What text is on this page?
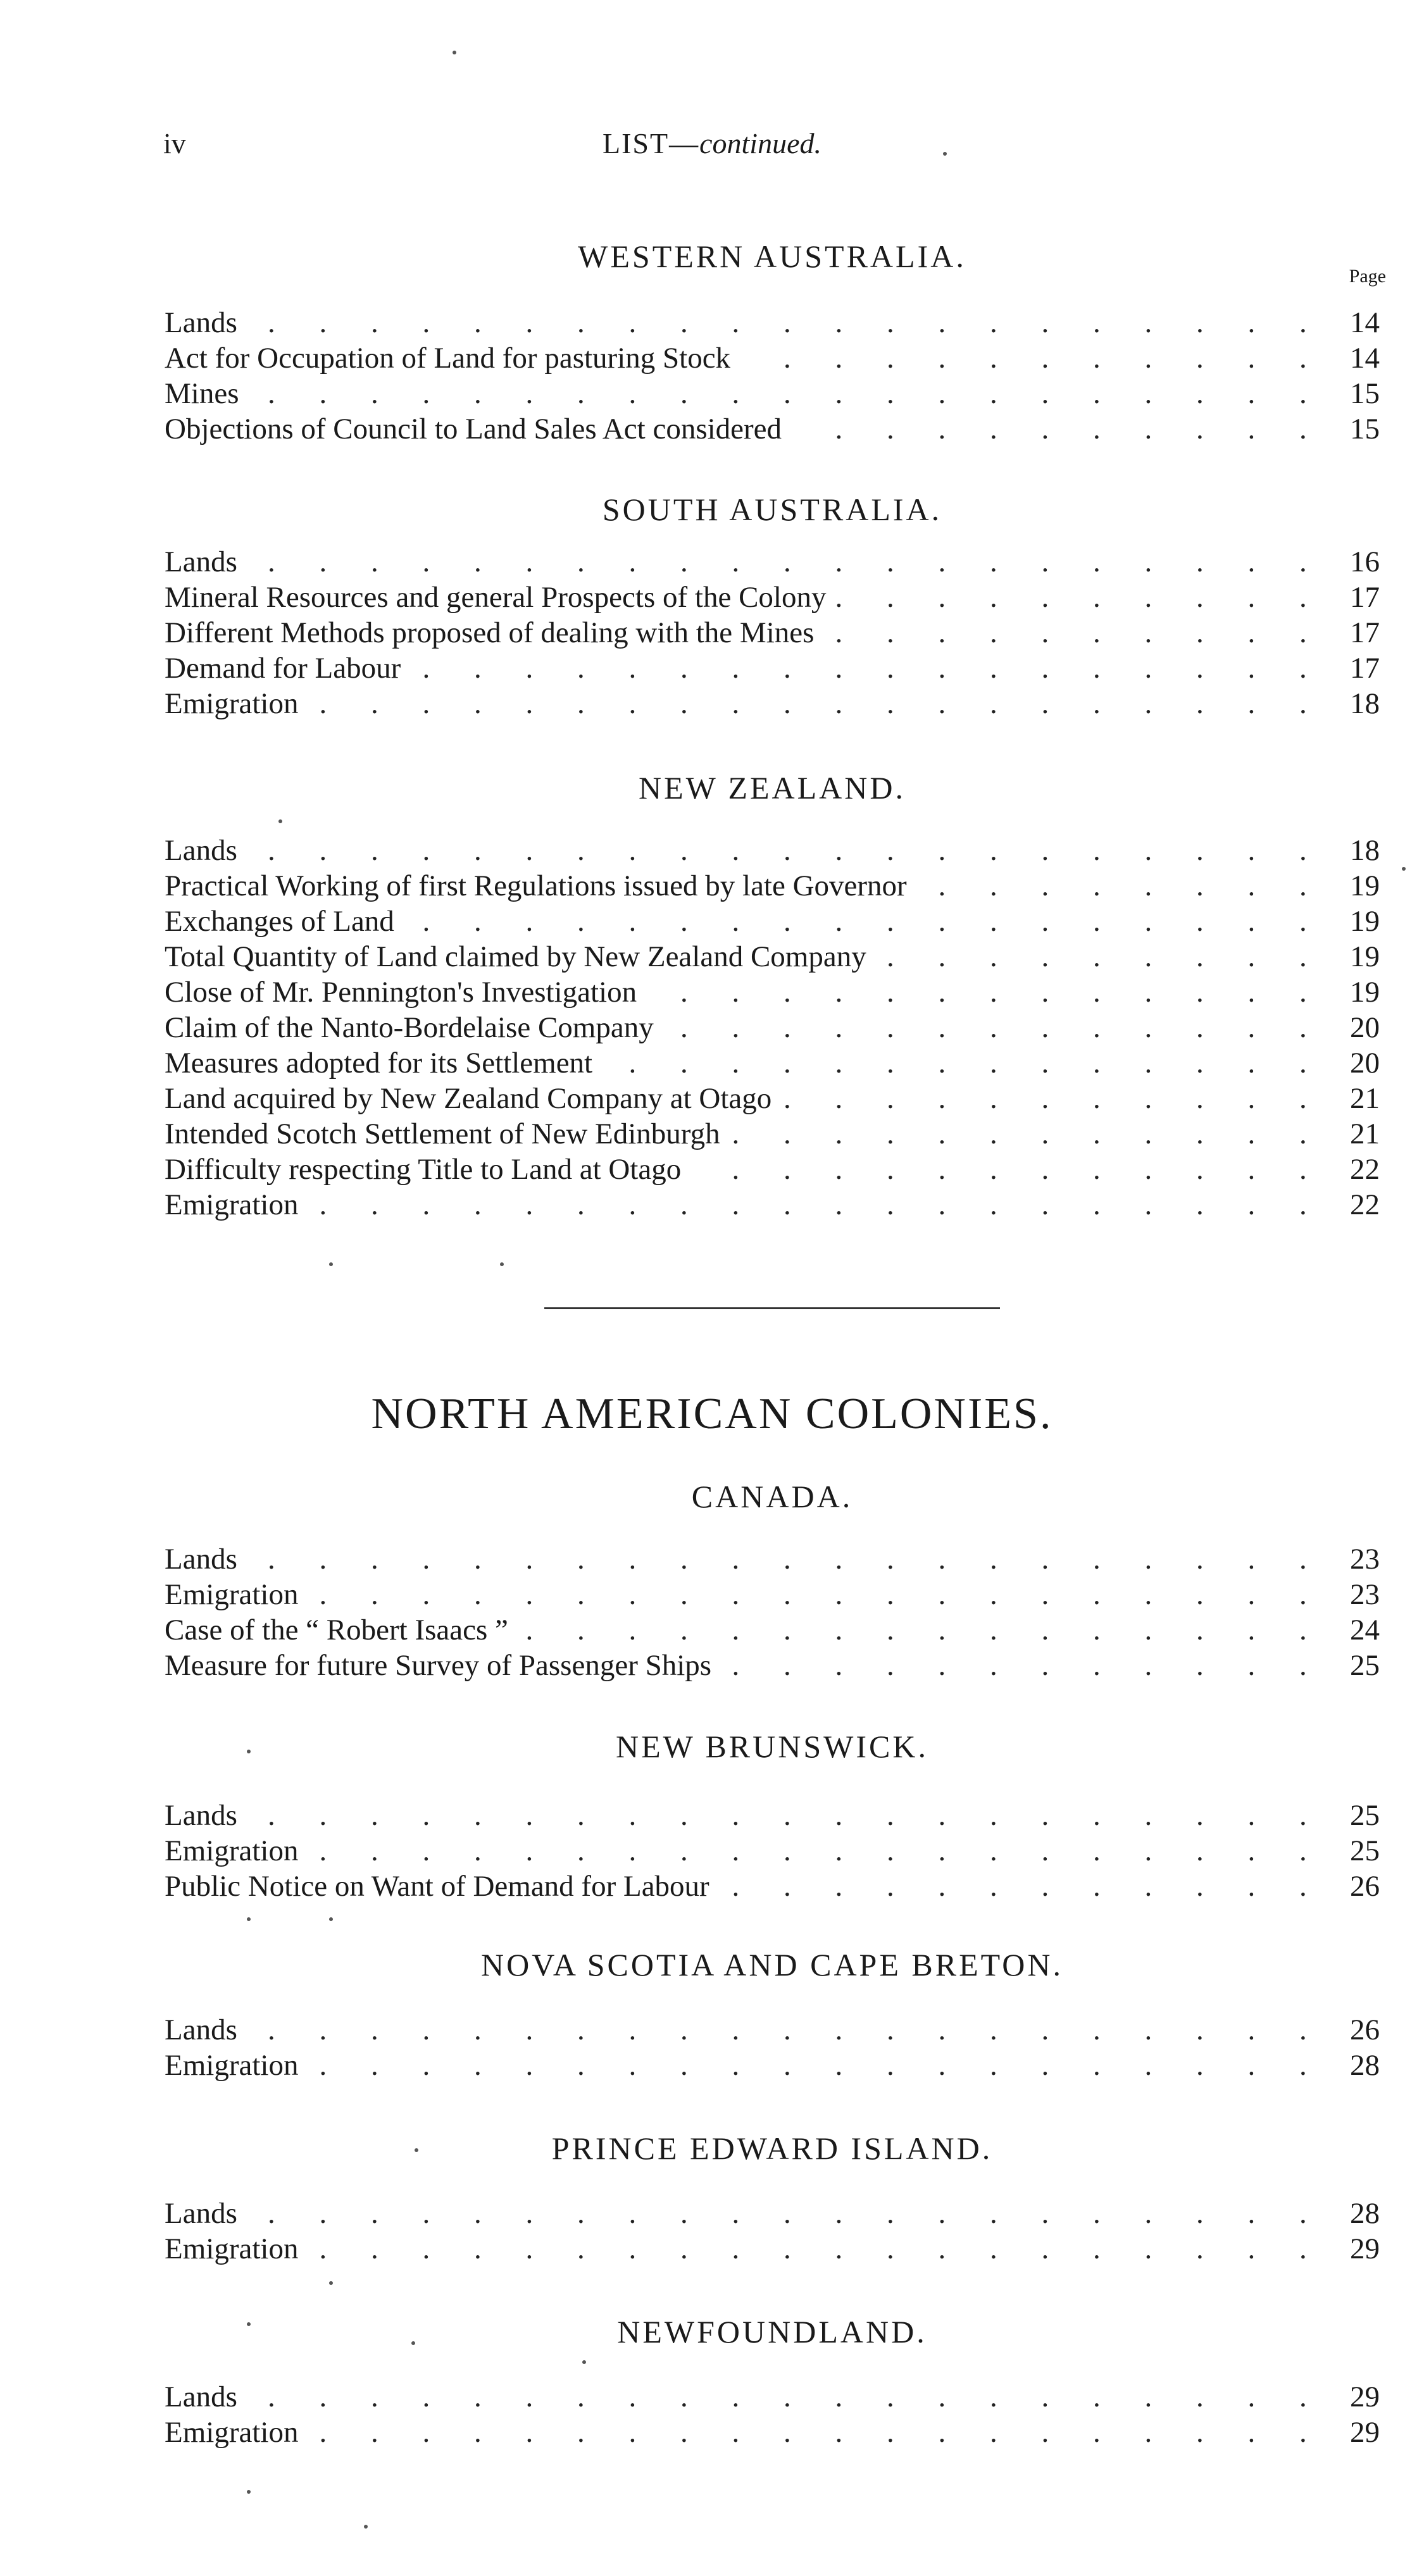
iv	LIST—continued.
Page
WESTERN AUSTRALIA.
Lands . . .	14
Act for Occupation of Land for pasturing Stock . . .	14
Mines . . .	15
Objections of Council to Land Sales Act considered . . .	15
SOUTH AUSTRALIA.
Lands . . .	16
Mineral Resources and general Prospects of the Colony . . .	17
Different Methods proposed of dealing with the Mines . . .	17
Demand for Labour . . .	17
Emigration . . .	18
NEW ZEALAND.
Lands . . .	18
Practical Working of first Regulations issued by late Governor . . .	19
Exchanges of Land . . .	19
Total Quantity of Land claimed by New Zealand Company . . .	19
Close of Mr. Pennington's Investigation . . .	19
Claim of the Nanto-Bordelaise Company . . .	20
Measures adopted for its Settlement . . .	20
Land acquired by New Zealand Company at Otago . . .	21
Intended Scotch Settlement of New Edinburgh . . .	21
Difficulty respecting Title to Land at Otago . . .	22
Emigration . . .	22
NORTH AMERICAN COLONIES.
CANADA.
Lands . . .	23
Emigration . . .	23
Case of the “ Robert Isaacs ” . . .	24
Measure for future Survey of Passenger Ships . . .	25
NEW BRUNSWICK.
Lands . . .	25
Emigration . . .	25
Public Notice on Want of Demand for Labour . . .	26
NOVA SCOTIA AND CAPE BRETON.
Lands . . .	26
Emigration . . .	28
PRINCE EDWARD ISLAND.
Lands . . .	28
Emigration . . .	29
NEWFOUNDLAND.
Lands . . .	29
Emigration . . .	29
